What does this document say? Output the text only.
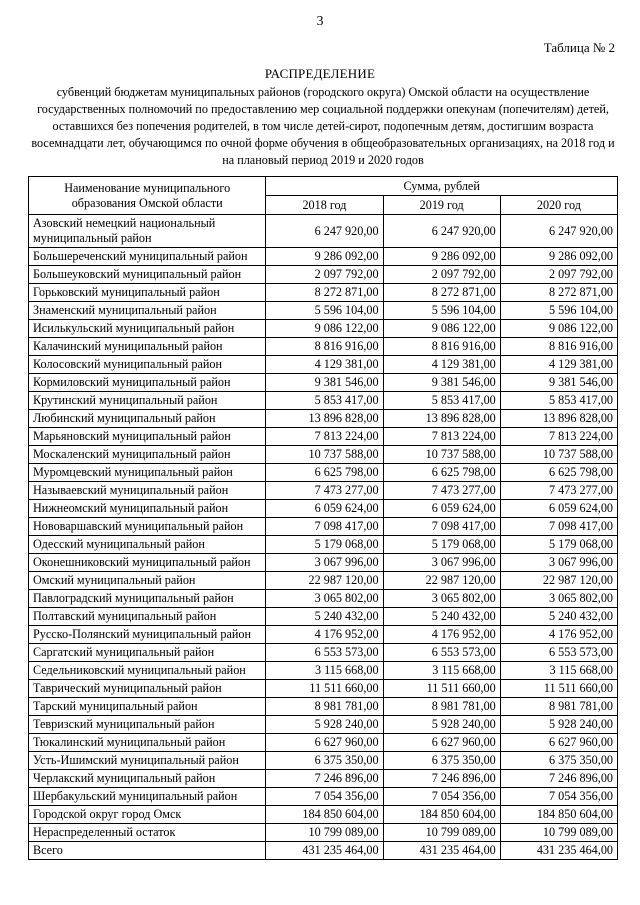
3
Таблица № 2
РАСПРЕДЕЛЕНИЕ
субвенций бюджетам муниципальных районов (городского округа) Омской области на осуществление государственных полномочий по предоставлению мер социальной поддержки опекунам (попечителям) детей, оставшихся без попечения родителей, в том числе детей-сирот, подопечным детям, достигшим возраста восемнадцати лет, обучающимся по очной форме обучения в общеобразовательных организациях, на 2018 год и на плановый период 2019 и 2020 годов
Наименование муниципального образования Омской области	Сумма, рублей		
	2018 год	2019 год	2020 год
Азовский немецкий национальный муниципальный район	6 247 920,00	6 247 920,00	6 247 920,00
Большереченский муниципальный район	9 286 092,00	9 286 092,00	9 286 092,00
Большеуковский муниципальный район	2 097 792,00	2 097 792,00	2 097 792,00
Горьковский муниципальный район	8 272 871,00	8 272 871,00	8 272 871,00
Знаменский муниципальный район	5 596 104,00	5 596 104,00	5 596 104,00
Исилькульский муниципальный район	9 086 122,00	9 086 122,00	9 086 122,00
Калачинский муниципальный район	8 816 916,00	8 816 916,00	8 816 916,00
Колосовский муниципальный район	4 129 381,00	4 129 381,00	4 129 381,00
Кормиловский муниципальный район	9 381 546,00	9 381 546,00	9 381 546,00
Крутинский муниципальный район	5 853 417,00	5 853 417,00	5 853 417,00
Любинский муниципальный район	13 896 828,00	13 896 828,00	13 896 828,00
Марьяновский муниципальный район	7 813 224,00	7 813 224,00	7 813 224,00
Москаленский муниципальный район	10 737 588,00	10 737 588,00	10 737 588,00
Муромцевский муниципальный район	6 625 798,00	6 625 798,00	6 625 798,00
Называевский муниципальный район	7 473 277,00	7 473 277,00	7 473 277,00
Нижнеомский муниципальный район	6 059 624,00	6 059 624,00	6 059 624,00
Нововаршавский муниципальный район	7 098 417,00	7 098 417,00	7 098 417,00
Одесский муниципальный район	5 179 068,00	5 179 068,00	5 179 068,00
Оконешниковский муниципальный район	3 067 996,00	3 067 996,00	3 067 996,00
Омский муниципальный район	22 987 120,00	22 987 120,00	22 987 120,00
Павлоградский муниципальный район	3 065 802,00	3 065 802,00	3 065 802,00
Полтавский муниципальный район	5 240 432,00	5 240 432,00	5 240 432,00
Русско-Полянский муниципальный район	4 176 952,00	4 176 952,00	4 176 952,00
Саргатский муниципальный район	6 553 573,00	6 553 573,00	6 553 573,00
Седельниковский муниципальный район	3 115 668,00	3 115 668,00	3 115 668,00
Таврический муниципальный район	11 511 660,00	11 511 660,00	11 511 660,00
Тарский муниципальный район	8 981 781,00	8 981 781,00	8 981 781,00
Тевризский муниципальный район	5 928 240,00	5 928 240,00	5 928 240,00
Тюкалинский муниципальный район	6 627 960,00	6 627 960,00	6 627 960,00
Усть-Ишимский муниципальный район	6 375 350,00	6 375 350,00	6 375 350,00
Черлакский муниципальный район	7 246 896,00	7 246 896,00	7 246 896,00
Шербакульский муниципальный район	7 054 356,00	7 054 356,00	7 054 356,00
Городской округ город Омск	184 850 604,00	184 850 604,00	184 850 604,00
Нераспределенный остаток	10 799 089,00	10 799 089,00	10 799 089,00
Всего	431 235 464,00	431 235 464,00	431 235 464,00
